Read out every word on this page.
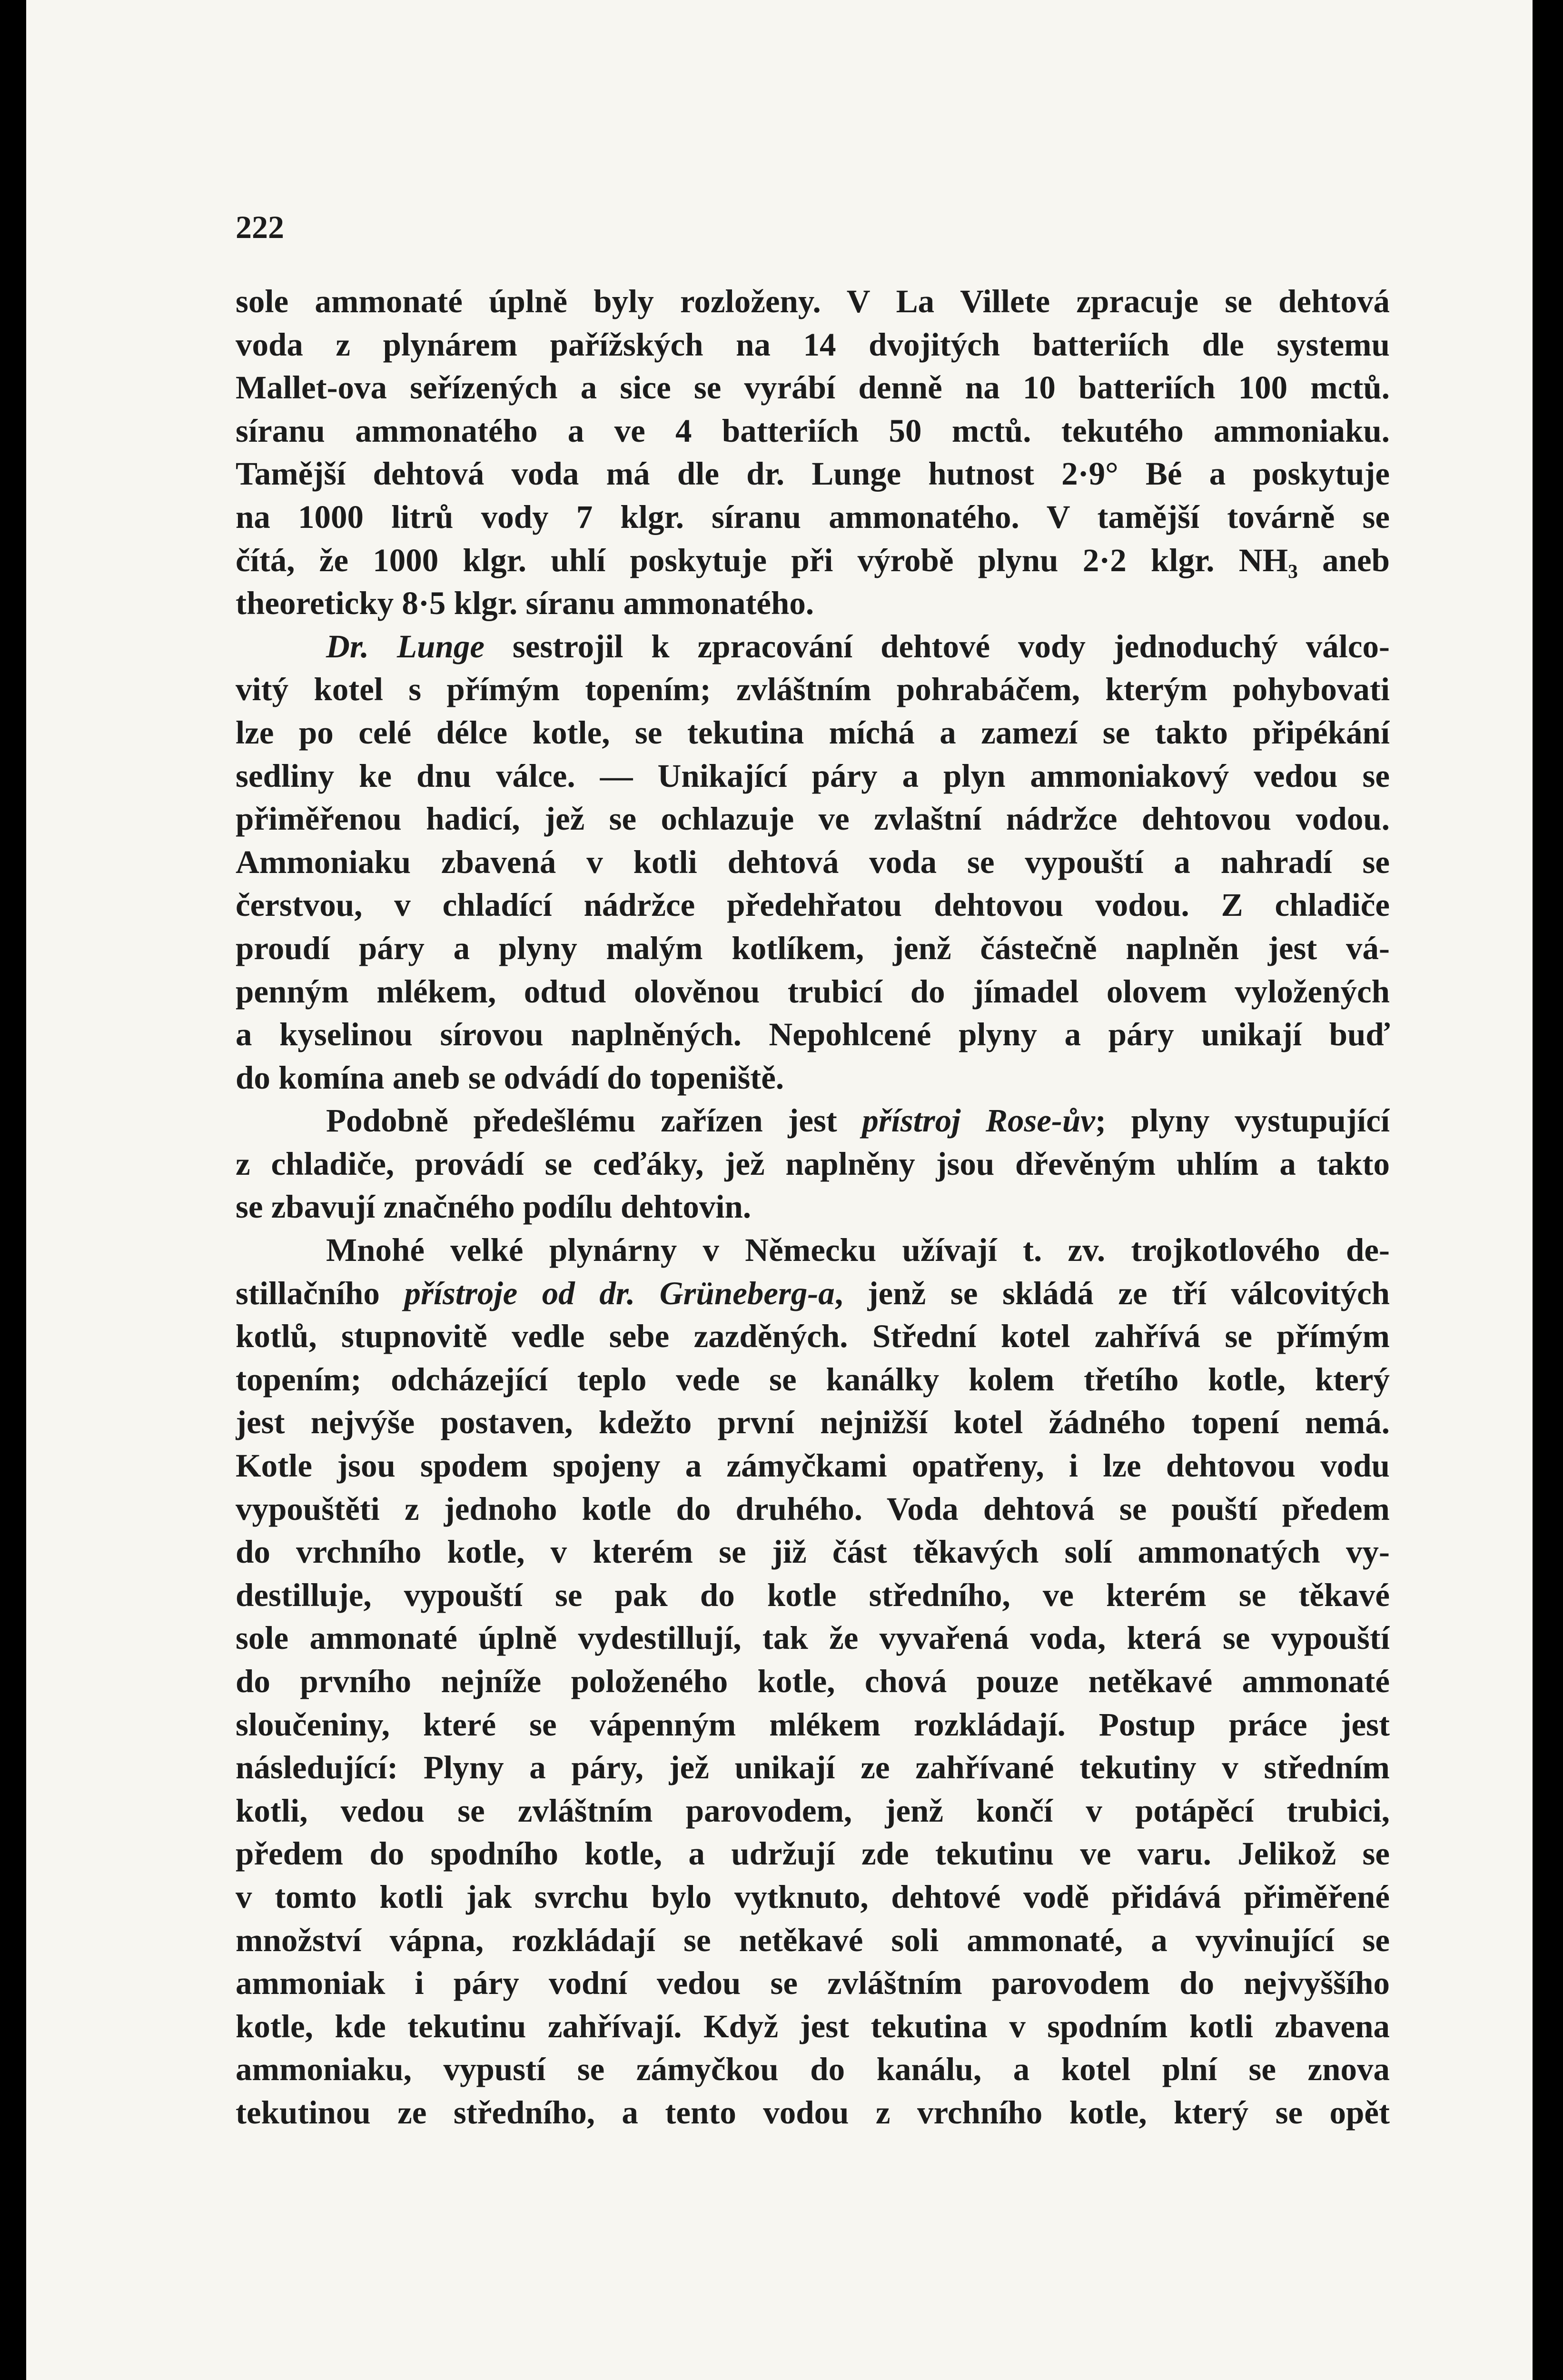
222
sole ammonaté úplně byly rozloženy. V La Villete zpracuje se dehtová
voda z plynárem pařížských na 14 dvojitých batteriích dle systemu
Mallet-ova seřízených a sice se vyrábí denně na 10 batteriích 100 mctů.
síranu ammonatého a ve 4 batteriích 50 mctů. tekutého ammoniaku.
Tamější dehtová voda má dle dr. Lunge hutnost 2·9° Bé a poskytuje
na 1000 litrů vody 7 klgr. síranu ammonatého. V tamější továrně se
čítá, že 1000 klgr. uhlí poskytuje při výrobě plynu 2·2 klgr. NH₃ aneb
theoreticky 8·5 klgr. síranu ammonatého.
Dr. Lunge sestrojil k zpracování dehtové vody jednoduchý válco-
vitý kotel s přímým topením; zvláštním pohrabáčem, kterým pohybovati
lze po celé délce kotle, se tekutina míchá a zamezí se takto připékání
sedliny ke dnu válce. — Unikající páry a plyn ammoniakový vedou se
přiměřenou hadicí, jež se ochlazuje ve zvlaštní nádržce dehtovou vodou.
Ammoniaku zbavená v kotli dehtová voda se vypouští a nahradí se
čerstvou, v chladící nádržce předehřatou dehtovou vodou. Z chladiče
proudí páry a plyny malým kotlíkem, jenž částečně naplněn jest vá-
penným mlékem, odtud olověnou trubicí do jímadel olovem vyložených
a kyselinou sírovou naplněných. Nepohlcené plyny a páry unikají buď
do komína aneb se odvádí do topeniště.
Podobně předešlému zařízen jest přístroj Rose-ův; plyny vystupující
z chladiče, provádí se ceďáky, jež naplněny jsou dřevěným uhlím a takto
se zbavují značného podílu dehtovin.
Mnohé velké plynárny v Německu užívají t. zv. trojkotlového de-
stillačního přístroje od dr. Grüneberg-a, jenž se skládá ze tří válcovitých
kotlů, stupnovitě vedle sebe zazděných. Střední kotel zahřívá se přímým
topením; odcházející teplo vede se kanálky kolem třetího kotle, který
jest nejvýše postaven, kdežto první nejnižší kotel žádného topení nemá.
Kotle jsou spodem spojeny a zámyčkami opatřeny, i lze dehtovou vodu
vypouštěti z jednoho kotle do druhého. Voda dehtová se pouští předem
do vrchního kotle, v kterém se již část těkavých solí ammonatých vy-
destilluje, vypouští se pak do kotle středního, ve kterém se těkavé
sole ammonaté úplně vydestillují, tak že vyvařená voda, která se vypouští
do prvního nejníže položeného kotle, chová pouze netěkavé ammonaté
sloučeniny, které se vápenným mlékem rozkládají. Postup práce jest
následující: Plyny a páry, jež unikají ze zahřívané tekutiny v středním
kotli, vedou se zvláštním parovodem, jenž končí v potápěcí trubici,
předem do spodního kotle, a udržují zde tekutinu ve varu. Jelikož se
v tomto kotli jak svrchu bylo vytknuto, dehtové vodě přidává přiměřené
množství vápna, rozkládají se netěkavé soli ammonaté, a vyvinující se
ammoniak i páry vodní vedou se zvláštním parovodem do nejvyššího
kotle, kde tekutinu zahřívají. Když jest tekutina v spodním kotli zbavena
ammoniaku, vypustí se zámyčkou do kanálu, a kotel plní se znova
tekutinou ze středního, a tento vodou z vrchního kotle, který se opět
